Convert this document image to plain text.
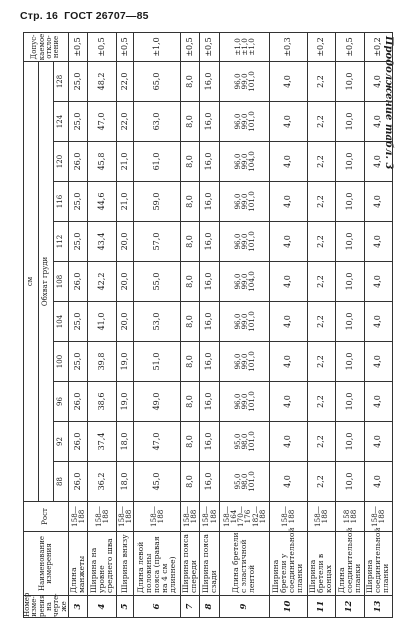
Стр. 16 ГОСТ 26707—85
Продолжение табл. 3
Номер изме-рения на черте-же	Наименование измерения	Рост	см											Допус-каемое откло-нение
			Обхват груди											
			88	92	96	100	104	108	112	116	120	124	128	
3	Длина манжеты	158—188	26,0	26,0	26,0	25,0	25,0	26,0	25,0	25,0	26,0	25,0	25,0	±0,5
4	Ширина на уровне среднего шва	158—188	36,2	37,4	38,6	39,8	41,0	42,2	43,4	44,6	45,8	47,0	48,2	±0,5
5	Ширина внизу	158—188	18,0	18,0	19,0	19,0	20,0	20,0	20,0	21,0	21,0	22,0	22,0	±0,5
6	Длина левой половины пояса (правая на 4 см длиннее)	158—188	45,0	47,0	49,0	51,0	53,0	55,0	57,0	59,0	61,0	63,0	65,0	±1,0
7	Ширина пояса спереди	158—188	8,0	8,0	8,0	8,0	8,0	8,0	8,0	8,0	8,0	8,0	8,0	±0,5
8	Ширина пояса сзади	158—188	16,0	16,0	16,0	16,0	16,0	16,0	16,0	16,0	16,0	16,0	16,0	±0,5
9	Длина бретели с эластичной лентой	158—164
170—176
182—188	95,0
98,0
101,0	95,0
98,0
101,0	96,0
99,0
101,0	96,0
99,0
101,0	96,0
99,0
101,0	96,0
99,0
104,0	96,0
99,0
101,0	96,0
99,0
101,0	96,0
99,0
104,0	96,0
99,0
101,0	96,0
99,0
101,0	±1,0
±1,0
±1,0

10	Ширина бретели у соединительной планки	158—188	4,0	4,0	4,0	4,0	4,0	4,0	4,0	4,0	4,0	4,0	4,0	±0,3
11	Ширина бретели в концах	158—188	2,2	2,2	2,2	2,2	2,2	2,2	2,2	2,2	2,2	2,2	2,2	±0,2
12	Длина соединительной планки	158 188	10,0	10,0	10,0	10,0	10,0	10,0	10,0	10,0	10,0	10,0	10,0	±0,5
13	Ширина соединительной планки	158—188	4,0	4,0	4,0	4,0	4,0	4,0	4,0	4,0	4,0	4,0	4,0	±0,2
